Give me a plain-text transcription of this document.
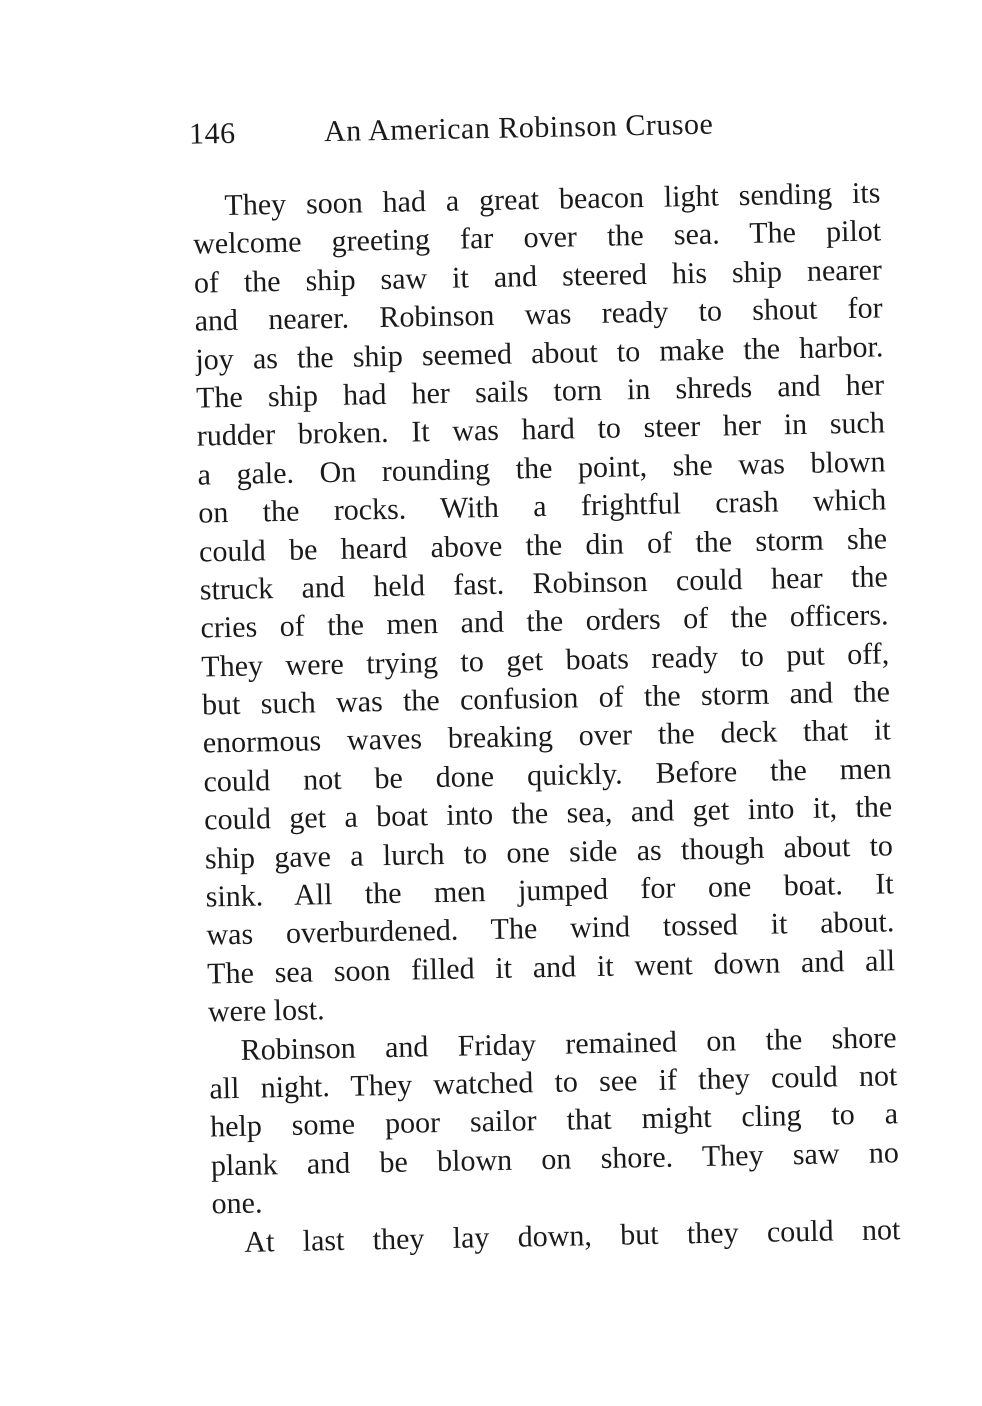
146	An American Robinson Crusoe
They soon had a great beacon light sending its
welcome greeting far over the sea. The pilot
of the ship saw it and steered his ship nearer
and nearer. Robinson was ready to shout for
joy as the ship seemed about to make the harbor.
The ship had her sails torn in shreds and her
rudder broken. It was hard to steer her in such
a gale. On rounding the point, she was blown
on the rocks. With a frightful crash which
could be heard above the din of the storm she
struck and held fast. Robinson could hear the
cries of the men and the orders of the officers.
They were trying to get boats ready to put off,
but such was the confusion of the storm and the
enormous waves breaking over the deck that it
could not be done quickly. Before the men
could get a boat into the sea, and get into it, the
ship gave a lurch to one side as though about to
sink. All the men jumped for one boat. It
was overburdened. The wind tossed it about.
The sea soon filled it and it went down and all
were lost.
Robinson and Friday remained on the shore
all night. They watched to see if they could not
help some poor sailor that might cling to a
plank and be blown on shore. They saw no
one.
At last they lay down, but they could not
